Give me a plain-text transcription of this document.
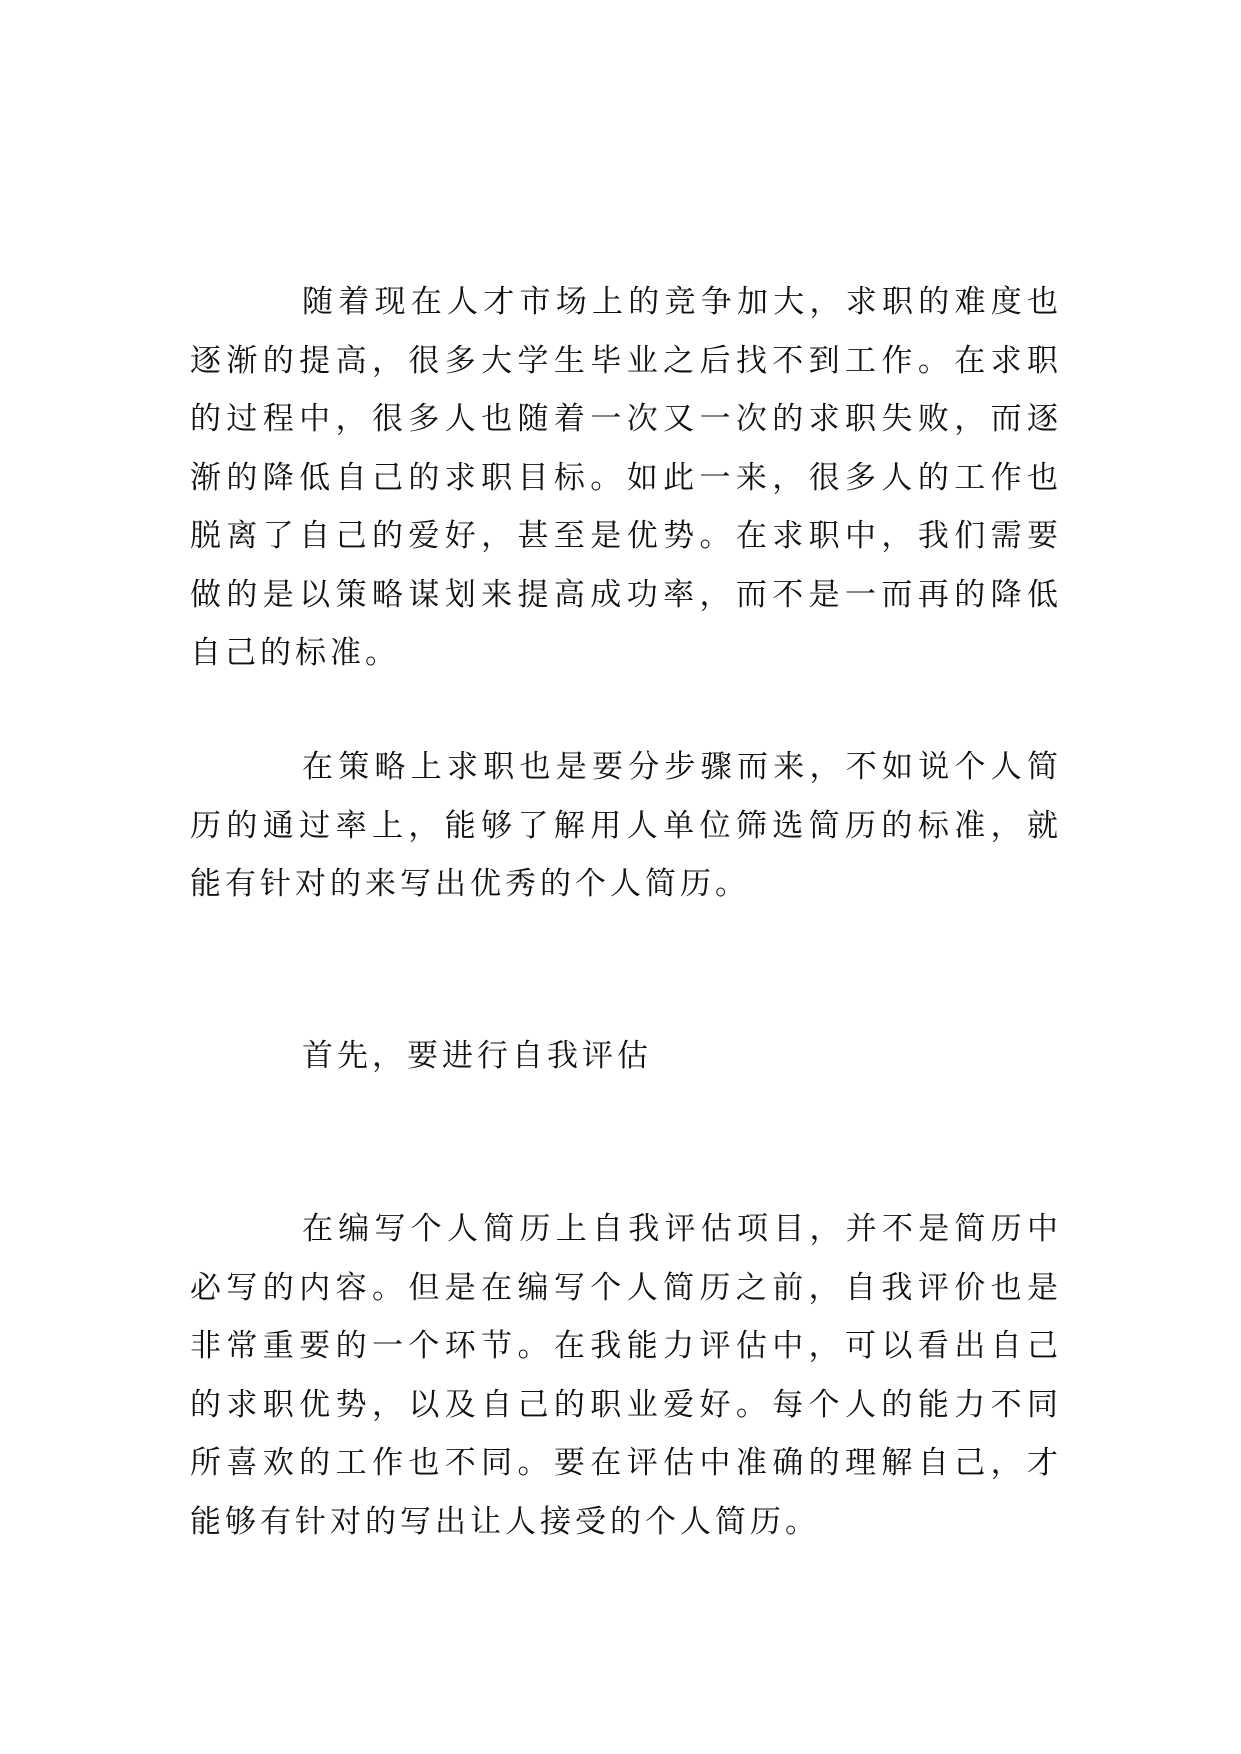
随着现在人才市场上的竞争加大，求职的难度也逐渐的提高，很多大学生毕业之后找不到工作。在求职的过程中，很多人也随着一次又一次的求职失败，而逐渐的降低自己的求职目标。如此一来，很多人的工作也脱离了自己的爱好，甚至是优势。在求职中，我们需要做的是以策略谋划来提高成功率，而不是一而再的降低自己的标准。

在策略上求职也是要分步骤而来，不如说个人简历的通过率上，能够了解用人单位筛选简历的标准，就能有针对的来写出优秀的个人简历。

首先，要进行自我评估

在编写个人简历上自我评估项目，并不是简历中必写的内容。但是在编写个人简历之前，自我评价也是非常重要的一个环节。在我能力评估中，可以看出自己的求职优势，以及自己的职业爱好。每个人的能力不同所喜欢的工作也不同。要在评估中准确的理解自己，才能够有针对的写出让人接受的个人简历。
